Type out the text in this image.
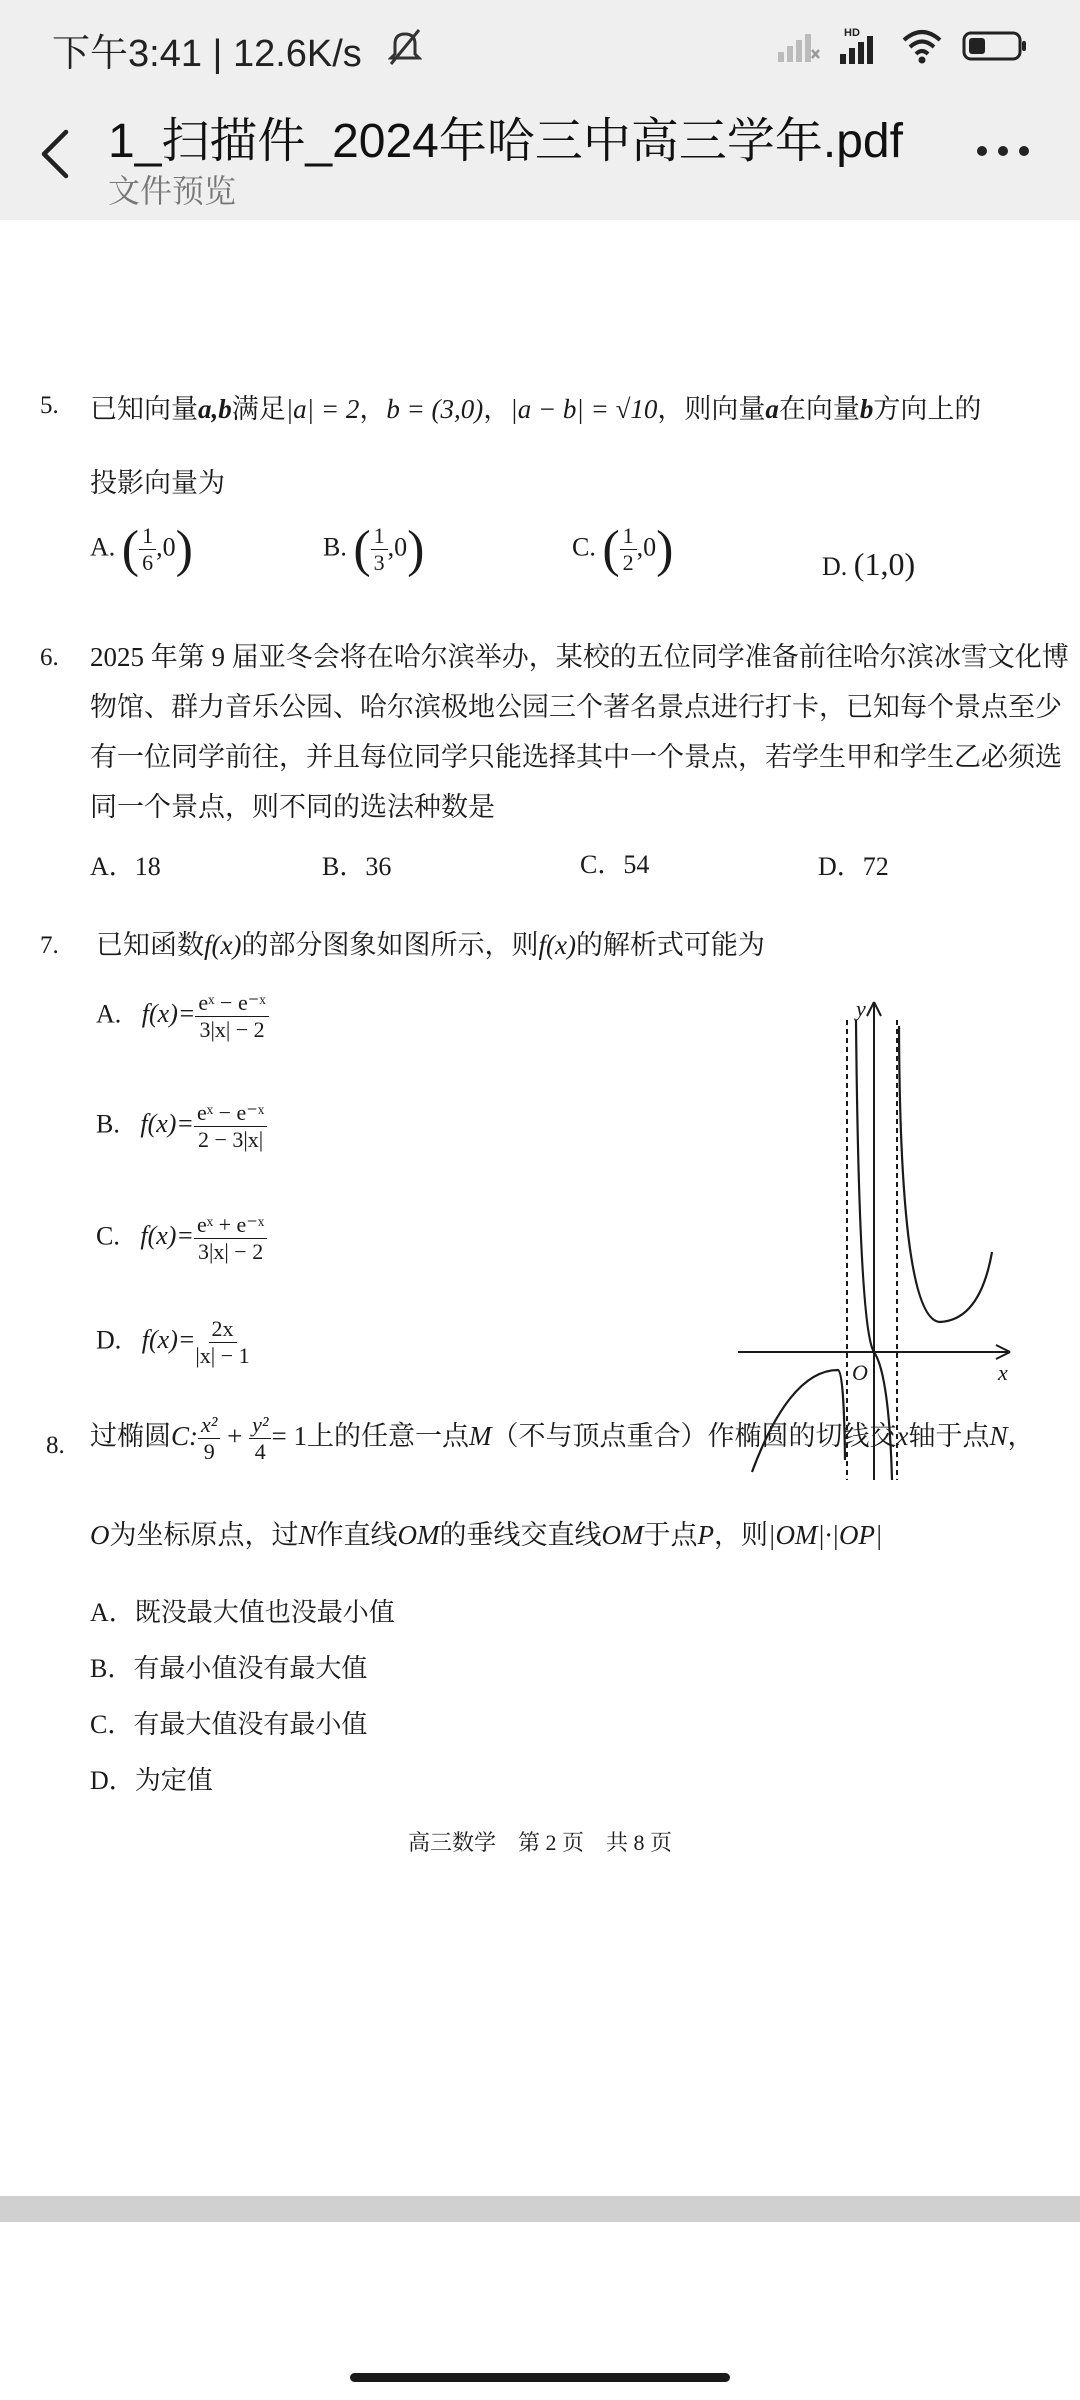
下午3:41 | 12.6K/s	HD
1_扫描件_2024年哈三中高三学年.pdf
文件预览
5. 已知向量a,b满足|a| = 2，b = (3,0)，|a − b| = √10，则向量a在向量b方向上的
投影向量为
A. ( $\frac{1}{6} ,0$)	B. ( $\frac{1}{3} ,0$)	C. ( $\frac{1}{2} ,0$)	D. (1,0)
6. 2025 年第 9 届亚冬会将在哈尔滨举办，某校的五位同学准备前往哈尔滨冰雪文化博
物馆、群力音乐公园、哈尔滨极地公园三个著名景点进行打卡，已知每个景点至少
有一位同学前往，并且每位同学只能选择其中一个景点，若学生甲和学生乙必须选
同一个景点，则不同的选法种数是
A．18	B．36	C．54	D．72
7. 已知函数f(x)的部分图象如图所示，则f(x)的解析式可能为
A. $f(x)= \frac{\text{eˣ − e⁻ˣ}}{3|x| - 2}$
B. $f(x)= \frac{\text{eˣ − e⁻ˣ}}{2 - 3|x|}$
C. $f(x)= \frac{\text{eˣ + e⁻ˣ}}{3|x| - 2}$
D. $f(x)= \frac{2x}{|x| - 1}$
x
y
O
8. 过椭圆C: $\frac{\text{x²}}{9} + \frac{\text{y²}}{4} = 1$上的任意一点M（不与顶点重合）作椭圆的切线交x轴于点N，
O为坐标原点，过N作直线OM的垂线交直线OM于点P，则|OM|·|OP|
A．既没最大值也没最小值
B．有最小值没有最大值
C．有最大值没有最小值
D．为定值
高三数学　第 2 页　共 8 页
